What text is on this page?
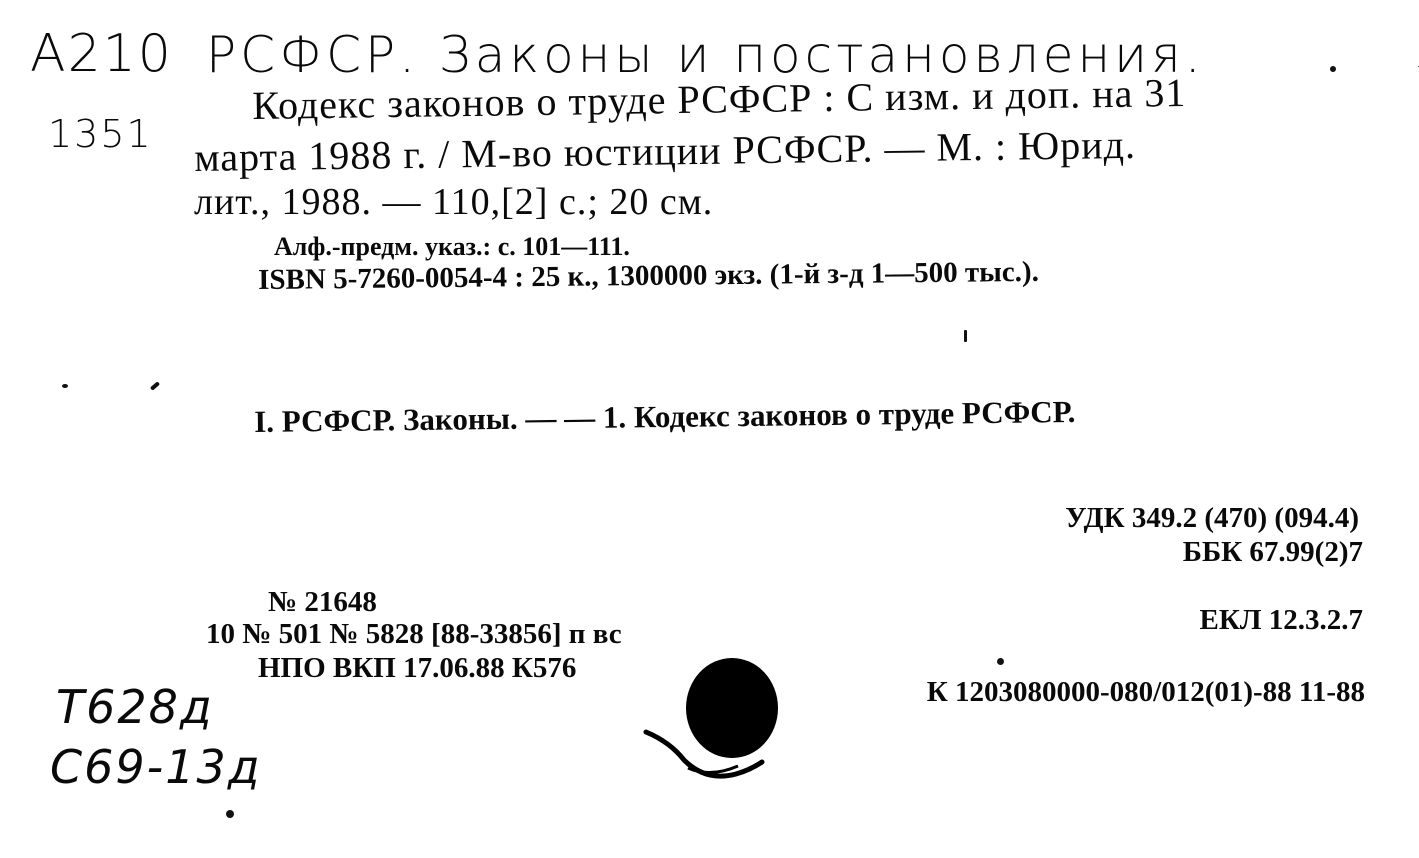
A210
1351
РСФСР. Законы и постановления.
Кодекс законов о труде РСФСР : С изм. и доп. на 31
марта 1988 г. / М-во юстиции РСФСР. — М. : Юрид.
лит., 1988. — 110,[2] с.; 20 см.
Алф.-предм. указ.: с. 101—111.
ISBN 5-7260-0054-4 : 25 к., 1300000 экз. (1-й з-д 1—500 тыс.).
I. РСФСР. Законы. — — 1. Кодекс законов о труде РСФСР.
УДК 349.2 (470) (094.4)
ББК 67.99(2)7
ЕКЛ 12.3.2.7
К 1203080000-080/012(01)-88 11-88
№ 21648
10 № 501 № 5828 [88-33856] п вс
НПО ВКП 17.06.88 К576
Т628д
С69-13д
